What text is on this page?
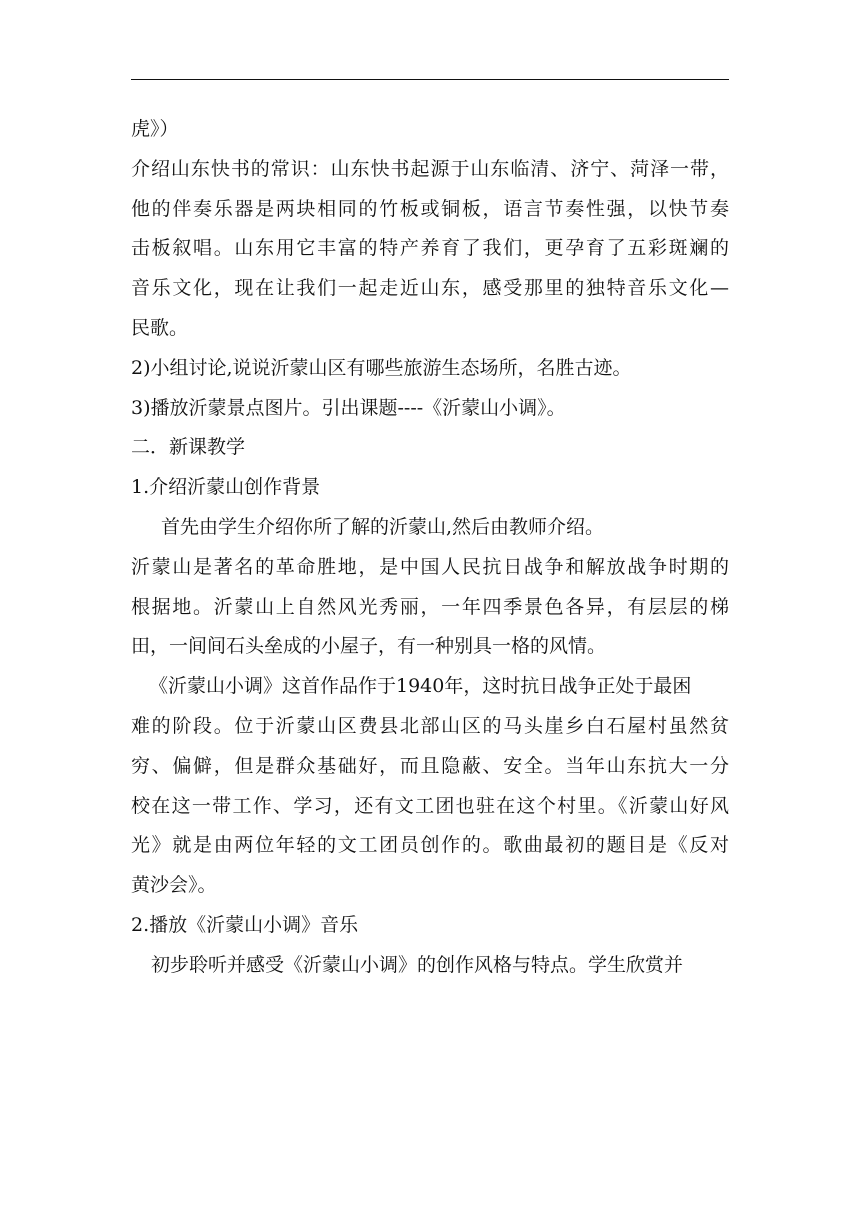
虎》）
介绍山东快书的常识：山东快书起源于山东临清、济宁、菏泽一带，
他的伴奏乐器是两块相同的竹板或铜板，语言节奏性强，以快节奏
击板叙唱。山东用它丰富的特产养育了我们，更孕育了五彩斑斓的
音乐文化，现在让我们一起走近山东，感受那里的独特音乐文化—
民歌。
2)小组讨论,说说沂蒙山区有哪些旅游生态场所，名胜古迹。
3)播放沂蒙景点图片。引出课题----《沂蒙山小调》。
二．新课教学
1.介绍沂蒙山创作背景
首先由学生介绍你所了解的沂蒙山,然后由教师介绍。
沂蒙山是著名的革命胜地，是中国人民抗日战争和解放战争时期的
根据地。沂蒙山上自然风光秀丽，一年四季景色各异，有层层的梯
田，一间间石头垒成的小屋子，有一种别具一格的风情。
《沂蒙山小调》这首作品作于1940年，这时抗日战争正处于最困
难的阶段。位于沂蒙山区费县北部山区的马头崖乡白石屋村虽然贫
穷、偏僻，但是群众基础好，而且隐蔽、安全。当年山东抗大一分
校在这一带工作、学习，还有文工团也驻在这个村里。《沂蒙山好风
光》就是由两位年轻的文工团员创作的。歌曲最初的题目是《反对
黄沙会》。
2.播放《沂蒙山小调》音乐
初步聆听并感受《沂蒙山小调》的创作风格与特点。学生欣赏并
